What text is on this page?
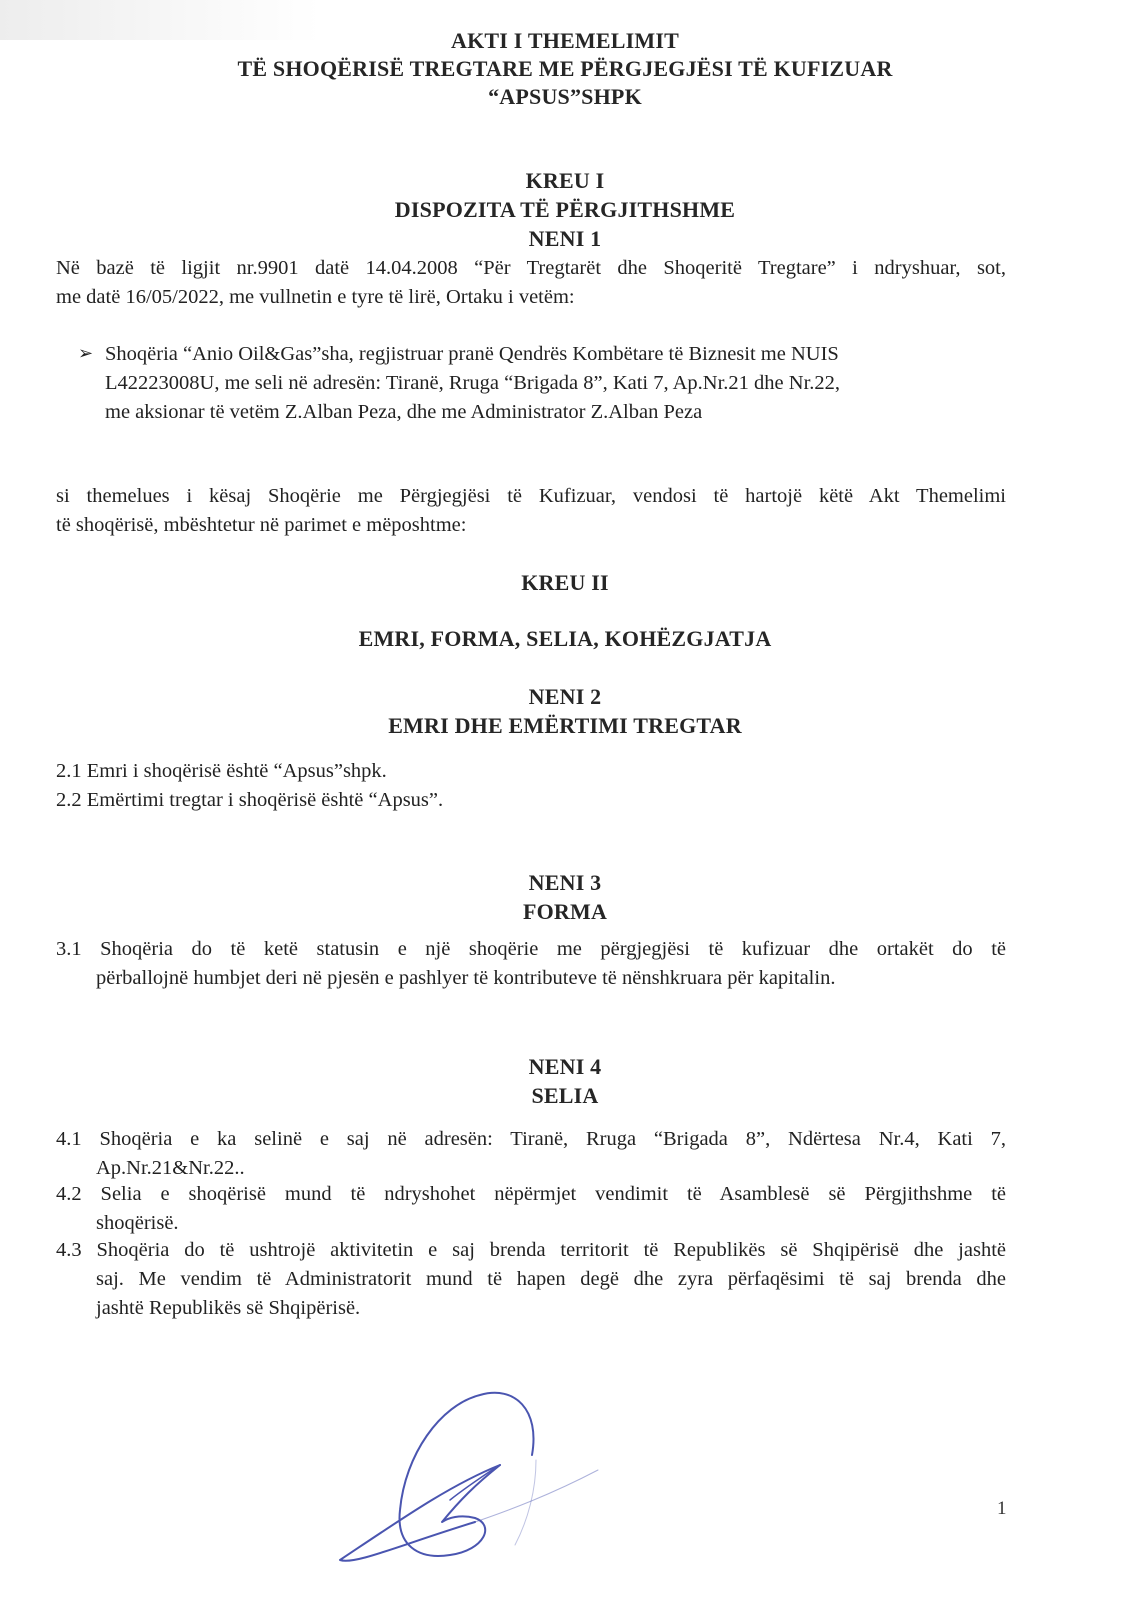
AKTI I THEMELIMIT
TË SHOQËRISË TREGTARE ME PËRGJEGJËSI TË KUFIZUAR
“APSUS”SHPK
KREU I
DISPOZITA TË PËRGJITHSHME
NENI 1
Në bazë të ligjit nr.9901 datë 14.04.2008 “Për Tregtarët dhe Shoqeritë Tregtare” i ndryshuar, sot,
me datë 16/05/2022, me vullnetin e tyre të lirë, Ortaku i vetëm:
➢ Shoqëria “Anio Oil&Gas”sha, regjistruar pranë Qendrës Kombëtare të Biznesit me NUIS
L42223008U, me seli në adresën: Tiranë, Rruga “Brigada 8”, Kati 7, Ap.Nr.21 dhe Nr.22,
me aksionar të vetëm Z.Alban Peza, dhe me Administrator Z.Alban Peza
si themelues i kësaj Shoqërie me Përgjegjësi të Kufizuar, vendosi të hartojë këtë Akt Themelimi
të shoqërisë, mbështetur në parimet e mëposhtme:
KREU II
EMRI, FORMA, SELIA, KOHËZGJATJA
NENI 2
EMRI DHE EMËRTIMI TREGTAR
2.1 Emri i shoqërisë është “Apsus”shpk.
2.2 Emërtimi tregtar i shoqërisë është “Apsus”.
NENI 3
FORMA
3.1 Shoqëria do të ketë statusin e një shoqërie me përgjegjësi të kufizuar dhe ortakët do të
përballojnë humbjet deri në pjesën e pashlyer të kontributeve të nënshkruara për kapitalin.
NENI 4
SELIA
4.1 Shoqëria e ka selinë e saj në adresën: Tiranë, Rruga “Brigada 8”, Ndërtesa Nr.4, Kati 7,
Ap.Nr.21&Nr.22..
4.2 Selia e shoqërisë mund të ndryshohet nëpërmjet vendimit të Asamblesë së Përgjithshme të
shoqërisë.
4.3 Shoqëria do të ushtrojë aktivitetin e saj brenda territorit të Republikës së Shqipërisë dhe jashtë
saj. Me vendim të Administratorit mund të hapen degë dhe zyra përfaqësimi të saj brenda dhe
jashtë Republikës së Shqipërisë.
1
